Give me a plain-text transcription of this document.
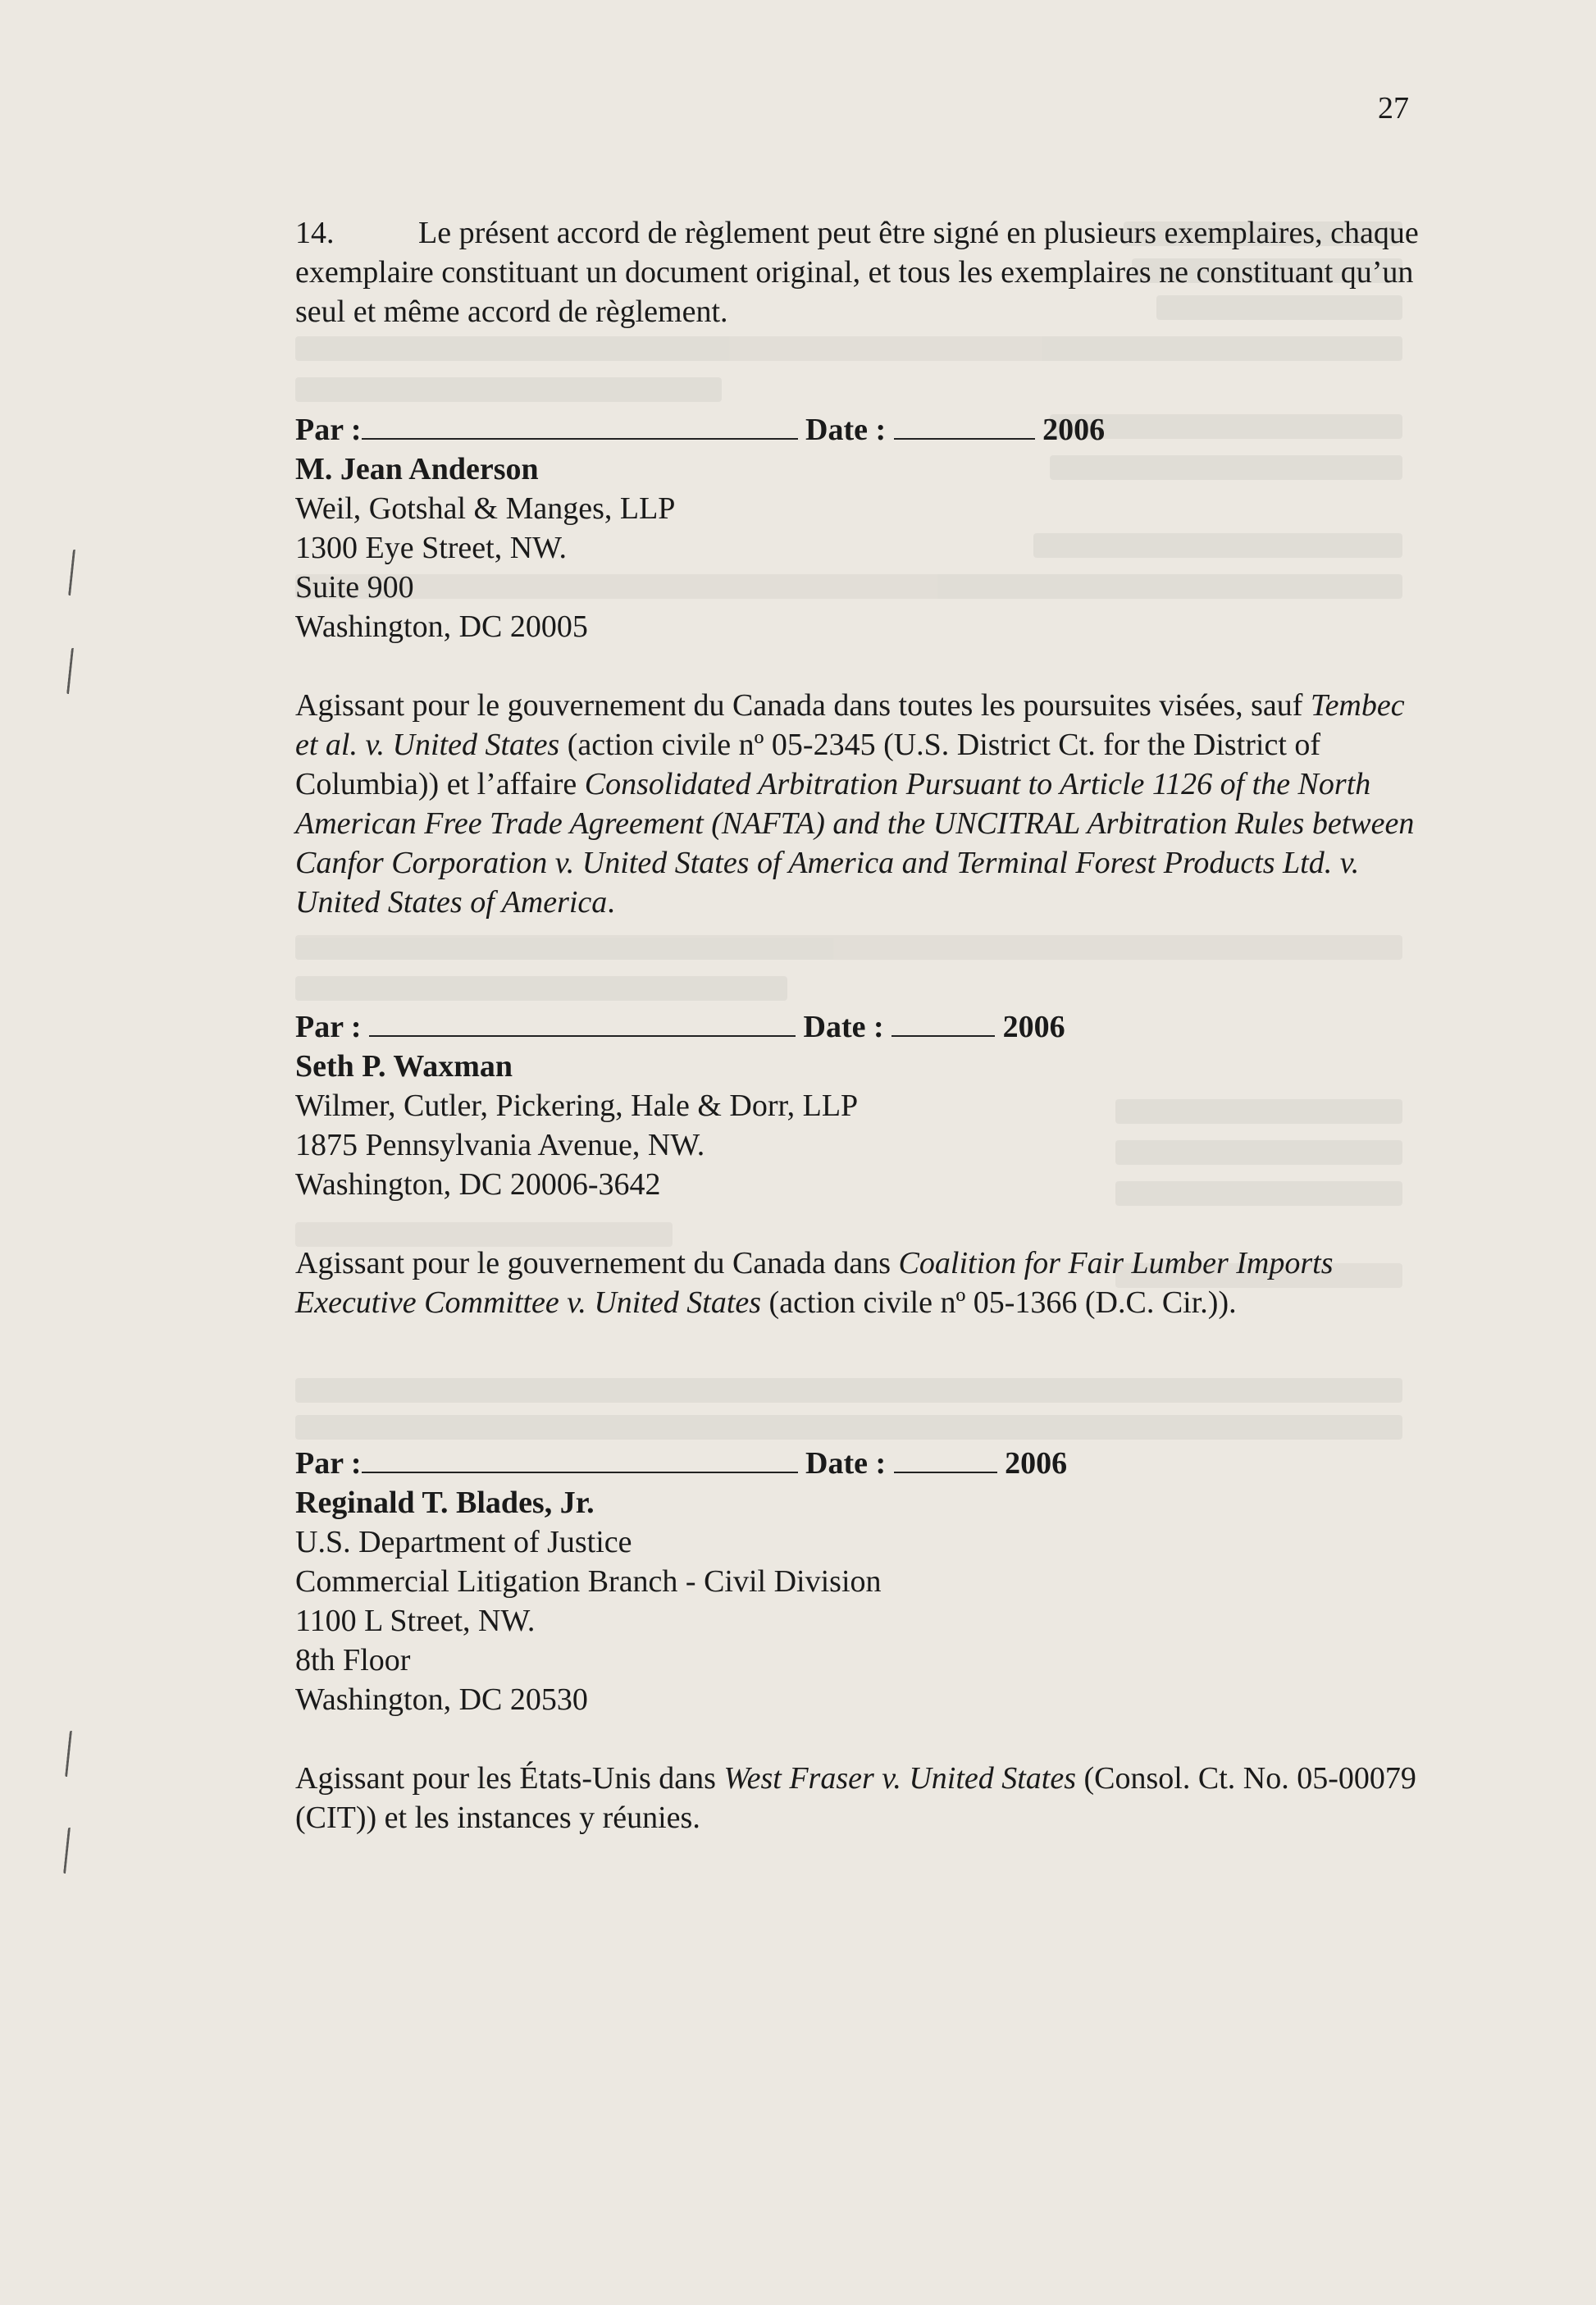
27
14.	Le présent accord de règlement peut être signé en plusieurs exemplaires, chaque exemplaire constituant un document original, et tous les exemplaires ne constituant qu’un seul et même accord de règlement.
Par :	Date :	2006
M. Jean Anderson
Weil, Gotshal & Manges, LLP
1300 Eye Street, NW.
Suite 900
Washington, DC 20005
Agissant pour le gouvernement du Canada dans toutes les poursuites visées, sauf Tembec et al. v. United States (action civile nº 05-2345 (U.S. District Ct. for the District of Columbia)) et l’affaire Consolidated Arbitration Pursuant to Article 1126 of the North American Free Trade Agreement (NAFTA) and the UNCITRAL Arbitration Rules between Canfor Corporation v. United States of America and Terminal Forest Products Ltd. v. United States of America.
Par :	Date :	2006
Seth P. Waxman
Wilmer, Cutler, Pickering, Hale & Dorr, LLP
1875 Pennsylvania Avenue, NW.
Washington, DC 20006-3642
Agissant pour le gouvernement du Canada dans Coalition for Fair Lumber Imports Executive Committee v. United States (action civile nº 05-1366 (D.C. Cir.)).
Par :	Date :	2006
Reginald T. Blades, Jr.
U.S. Department of Justice
Commercial Litigation Branch - Civil Division
1100 L Street, NW.
8th Floor
Washington, DC 20530
Agissant pour les États-Unis dans West Fraser v. United States (Consol. Ct. No. 05-00079 (CIT)) et les instances y réunies.
